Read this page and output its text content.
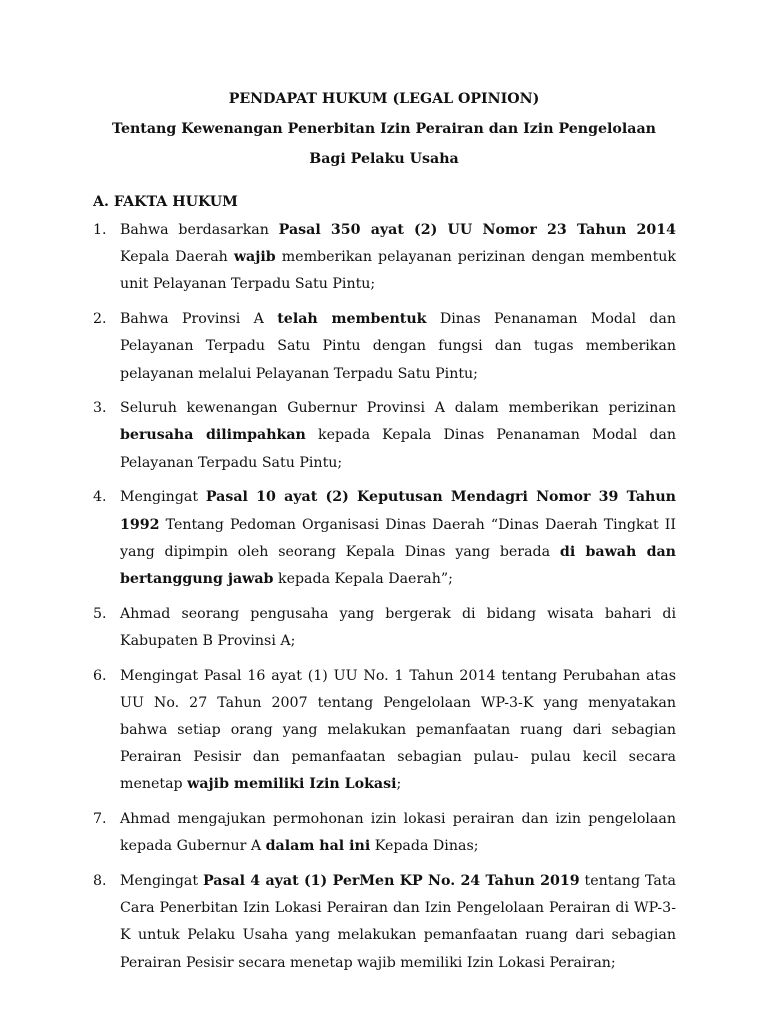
PENDAPAT HUKUM (LEGAL OPINION)
Tentang Kewenangan Penerbitan Izin Perairan dan Izin Pengelolaan
Bagi Pelaku Usaha
A. FAKTA HUKUM
1. Bahwa berdasarkan Pasal 350 ayat (2) UU Nomor 23 Tahun 2014 Kepala Daerah wajib memberikan pelayanan perizinan dengan membentuk unit Pelayanan Terpadu Satu Pintu;
2. Bahwa Provinsi A telah membentuk Dinas Penanaman Modal dan Pelayanan Terpadu Satu Pintu dengan fungsi dan tugas memberikan pelayanan melalui Pelayanan Terpadu Satu Pintu;
3. Seluruh kewenangan Gubernur Provinsi A dalam memberikan perizinan berusaha dilimpahkan kepada Kepala Dinas Penanaman Modal dan Pelayanan Terpadu Satu Pintu;
4. Mengingat Pasal 10 ayat (2) Keputusan Mendagri Nomor 39 Tahun 1992 Tentang Pedoman Organisasi Dinas Daerah “Dinas Daerah Tingkat II yang dipimpin oleh seorang Kepala Dinas yang berada di bawah dan bertanggung jawab kepada Kepala Daerah”;
5. Ahmad seorang pengusaha yang bergerak di bidang wisata bahari di Kabupaten B Provinsi A;
6. Mengingat Pasal 16 ayat (1) UU No. 1 Tahun 2014 tentang Perubahan atas UU No. 27 Tahun 2007 tentang Pengelolaan WP-3-K yang menyatakan bahwa setiap orang yang melakukan pemanfaatan ruang dari sebagian Perairan Pesisir dan pemanfaatan sebagian pulau- pulau kecil secara menetap wajib memiliki Izin Lokasi;
7. Ahmad mengajukan permohonan izin lokasi perairan dan izin pengelolaan kepada Gubernur A dalam hal ini Kepada Dinas;
8. Mengingat Pasal 4 ayat (1) PerMen KP No. 24 Tahun 2019 tentang Tata Cara Penerbitan Izin Lokasi Perairan dan Izin Pengelolaan Perairan di WP-3-K untuk Pelaku Usaha yang melakukan pemanfaatan ruang dari sebagian Perairan Pesisir secara menetap wajib memiliki Izin Lokasi Perairan;
